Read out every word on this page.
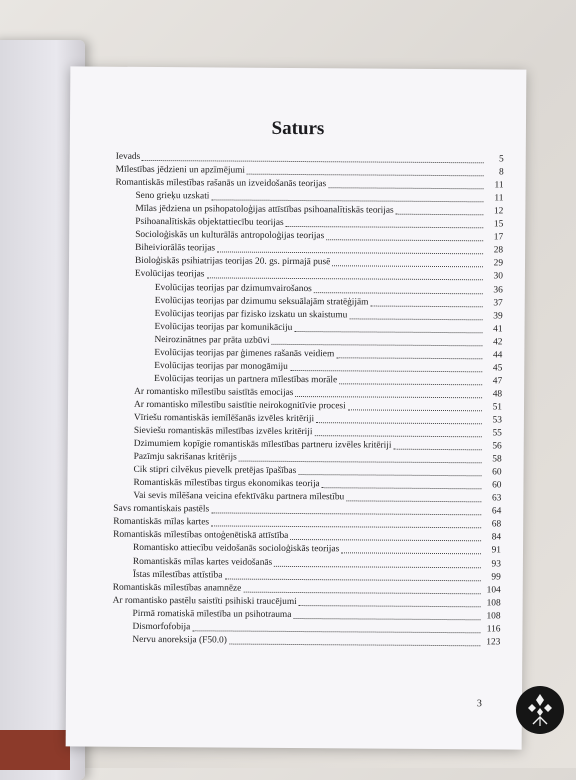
Saturs
Ievads	5
Mīlestības jēdzieni un apzīmējumi	8
Romantiskās mīlestības rašanās un izveidošanās teorijas	11
Seno grieķu uzskati	11
Mīlas jēdziena un psihopatoloģijas attīstības psihoanalītiskās teorijas	12
Psihoanalītiskās objektattiecību teorijas	15
Socioloģiskās un kulturālās antropoloģijas teorijas	17
Biheiviorālās teorijas	28
Bioloģiskās psihiatrijas teorijas 20. gs. pirmajā pusē	29
Evolūcijas teorijas	30
Evolūcijas teorijas par dzimumvairošanos	36
Evolūcijas teorijas par dzimumu seksuālajām stratēģijām	37
Evolūcijas teorijas par fizisko izskatu un skaistumu	39
Evolūcijas teorijas par komunikāciju	41
Neirozinātnes par prāta uzbūvi	42
Evolūcijas teorijas par ģimenes rašanās veidiem	44
Evolūcijas teorijas par monogāmiju	45
Evolūcijas teorijas un partnera mīlestības morāle	47
Ar romantisko mīlestību saistītās emocijas	48
Ar romantisko mīlestību saistītie neirokognitīvie procesi	51
Vīriešu romantiskās iemīlēšanās izvēles kritēriji	53
Sieviešu romantiskās mīlestības izvēles kritēriji	55
Dzimumiem kopīgie romantiskās mīlestības partneru izvēles kritēriji	56
Pazīmju sakrišanas kritērijs	58
Cik stipri cilvēkus pievelk pretējas īpašības	60
Romantiskās mīlestības tirgus ekonomikas teorija	60
Vai sevis mīlēšana veicina efektīvāku partnera mīlestību	63
Savs romantiskais pastēls	64
Romantiskās mīlas kartes	68
Romantiskās mīlestības ontoģenētiskā attīstība	84
Romantisko attiecību veidošanās socioloģiskās teorijas	91
Romantiskās mīlas kartes veidošanās	93
Īstas mīlestības attīstība	99
Romantiskās mīlestības anamnēze	104
Ar romantisko pastēlu saistīti psihiski traucējumi	108
Pirmā romatiskā mīlestība un psihotrauma	108
Dismorfofobija	116
Nervu anoreksija (F50.0)	123
3
